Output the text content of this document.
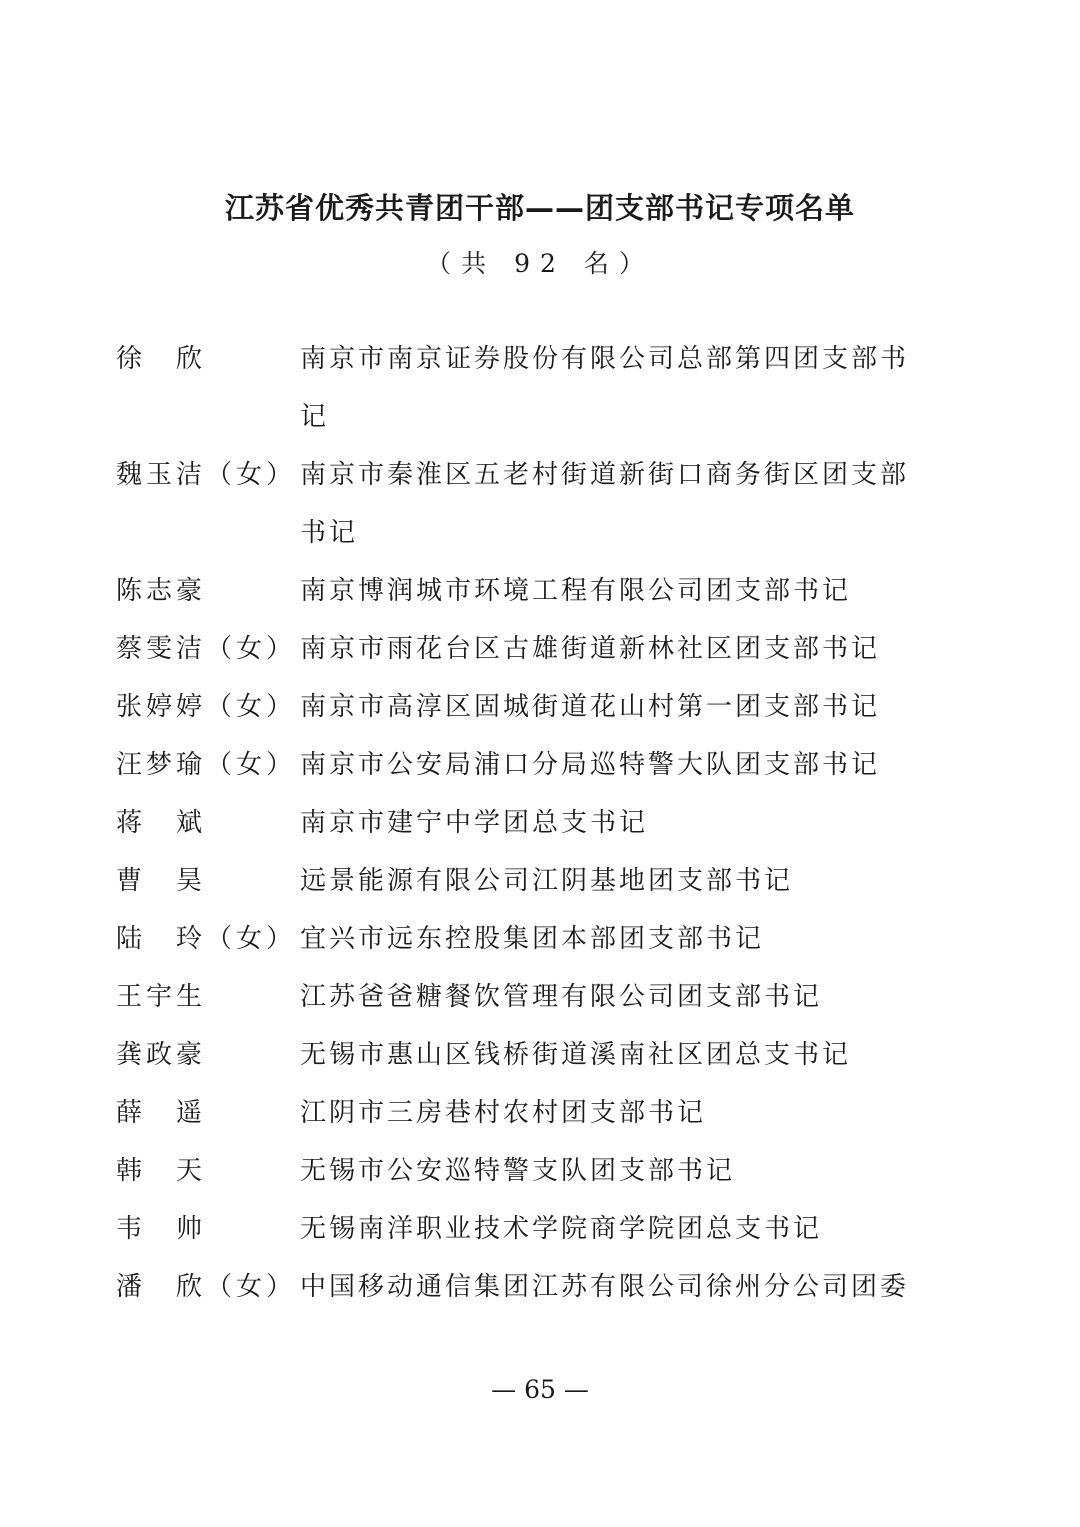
江苏省优秀共青团干部——团支部书记专项名单
（共 92 名）
徐　欣	南京市南京证券股份有限公司总部第四团支部书记
魏玉洁（女） 南京市秦淮区五老村街道新街口商务街区团支部书记
陈志豪	南京博润城市环境工程有限公司团支部书记
蔡雯洁（女） 南京市雨花台区古雄街道新林社区团支部书记
张婷婷（女） 南京市高淳区固城街道花山村第一团支部书记
汪梦瑜（女） 南京市公安局浦口分局巡特警大队团支部书记
蒋　斌	南京市建宁中学团总支书记
曹　昊	远景能源有限公司江阴基地团支部书记
陆　玲（女） 宜兴市远东控股集团本部团支部书记
王宇生	江苏爸爸糖餐饮管理有限公司团支部书记
龚政豪	无锡市惠山区钱桥街道溪南社区团总支书记
薛　遥	江阴市三房巷村农村团支部书记
韩　天	无锡市公安巡特警支队团支部书记
韦　帅	无锡南洋职业技术学院商学院团总支书记
潘　欣（女） 中国移动通信集团江苏有限公司徐州分公司团委
— 65 —
